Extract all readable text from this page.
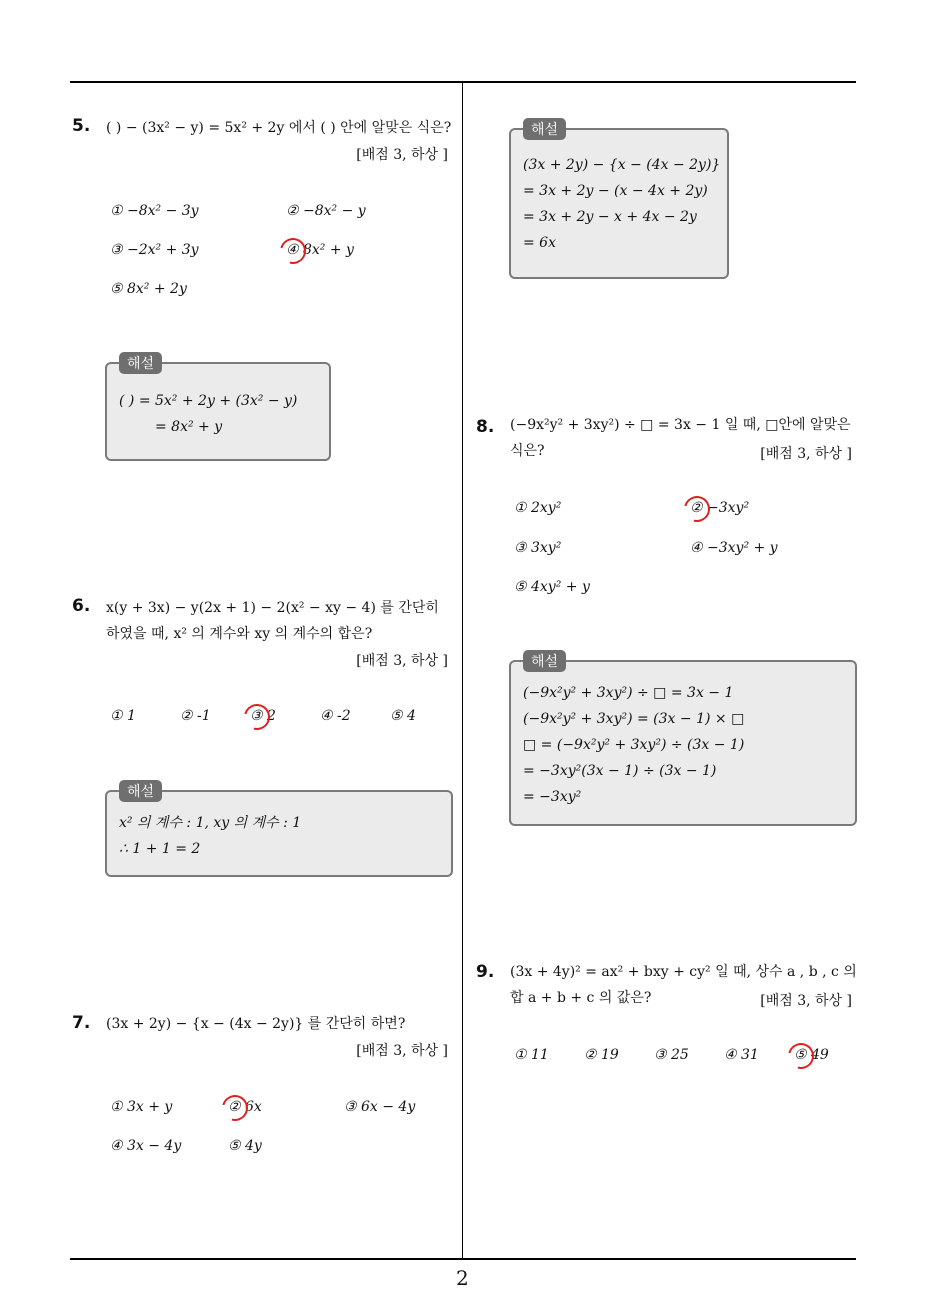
2
5. ( ) − (3x² − y) = 5x² + 2y 에서 ( ) 안에 알맞은 식은?
[배점 3, 하상 ]
① −8x² − 3y	② −8x² − y
③ −2x² + 3y	④ 8x² + y
⑤ 8x² + 2y
해설
( ) = 5x² + 2y + (3x² − y)
= 8x² + y
6. x(y + 3x) − y(2x + 1) − 2(x² − xy − 4) 를 간단히
하였을 때, x² 의 계수와 xy 의 계수의 합은?
[배점 3, 하상 ]
① 1	② -1	③ 2	④ -2	⑤ 4
해설
x² 의 계수 : 1, xy 의 계수 : 1
∴ 1 + 1 = 2
7. (3x + 2y) − {x − (4x − 2y)} 를 간단히 하면?
[배점 3, 하상 ]
① 3x + y	② 6x	③ 6x − 4y
④ 3x − 4y	⑤ 4y
해설
(3x + 2y) − {x − (4x − 2y)}
= 3x + 2y − (x − 4x + 2y)
= 3x + 2y − x + 4x − 2y
= 6x
8. (−9x²y² + 3xy²) ÷ □ = 3x − 1 일 때, □안에 알맞은
식은?	[배점 3, 하상 ]
① 2xy²	② −3xy²
③ 3xy²	④ −3xy² + y
⑤ 4xy² + y
해설
(−9x²y² + 3xy²) ÷ □ = 3x − 1
(−9x²y² + 3xy²) = (3x − 1) × □
□ = (−9x²y² + 3xy²) ÷ (3x − 1)
= −3xy²(3x − 1) ÷ (3x − 1)
= −3xy²
9. (3x + 4y)² = ax² + bxy + cy² 일 때, 상수 a , b , c 의
합 a + b + c 의 값은?	[배점 3, 하상 ]
① 11	② 19	③ 25	④ 31	⑤ 49
